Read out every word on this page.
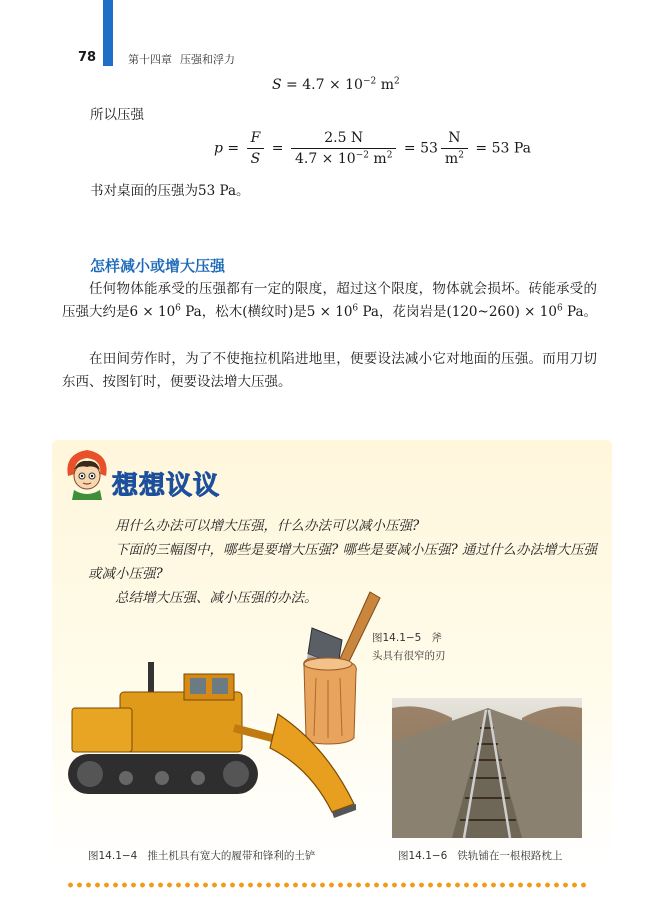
78	第十四章 压强和浮力
$S = 4.7 \times 10^{-2}$ $m^2$
所以压强
$p = \frac{F}{S} = \frac{2.5 N}{4.7 \times 10^{-2} m^2} = 53 \frac{N}{m^2} = 53$ Pa
书对桌面的压强为53 Pa。
怎样减小或增大压强
任何物体能承受的压强都有一定的限度，超过这个限度，物体就会损坏。砖能承受的压强大约是$6 \times 10^6$ Pa，松木(横纹时)是$5 \times 10^6$ Pa，花岗岩是(120~260) × $10^6$ Pa。
在田间劳作时，为了不使拖拉机陷进地里，便要设法减小它对地面的压强。而用刀切东西、按图钉时，便要设法增大压强。
想想议议
用什么办法可以增大压强，什么办法可以减小压强?
下面的三幅图中，哪些是要增大压强? 哪些是要减小压强? 通过什么办法增大压强或减小压强?
总结增大压强、减小压强的办法。
图14.1−5 斧
头具有很窄的刃
图14.1−4 推土机具有宽大的履带和锋利的土铲	图14.1−6 铁轨铺在一根根路枕上
